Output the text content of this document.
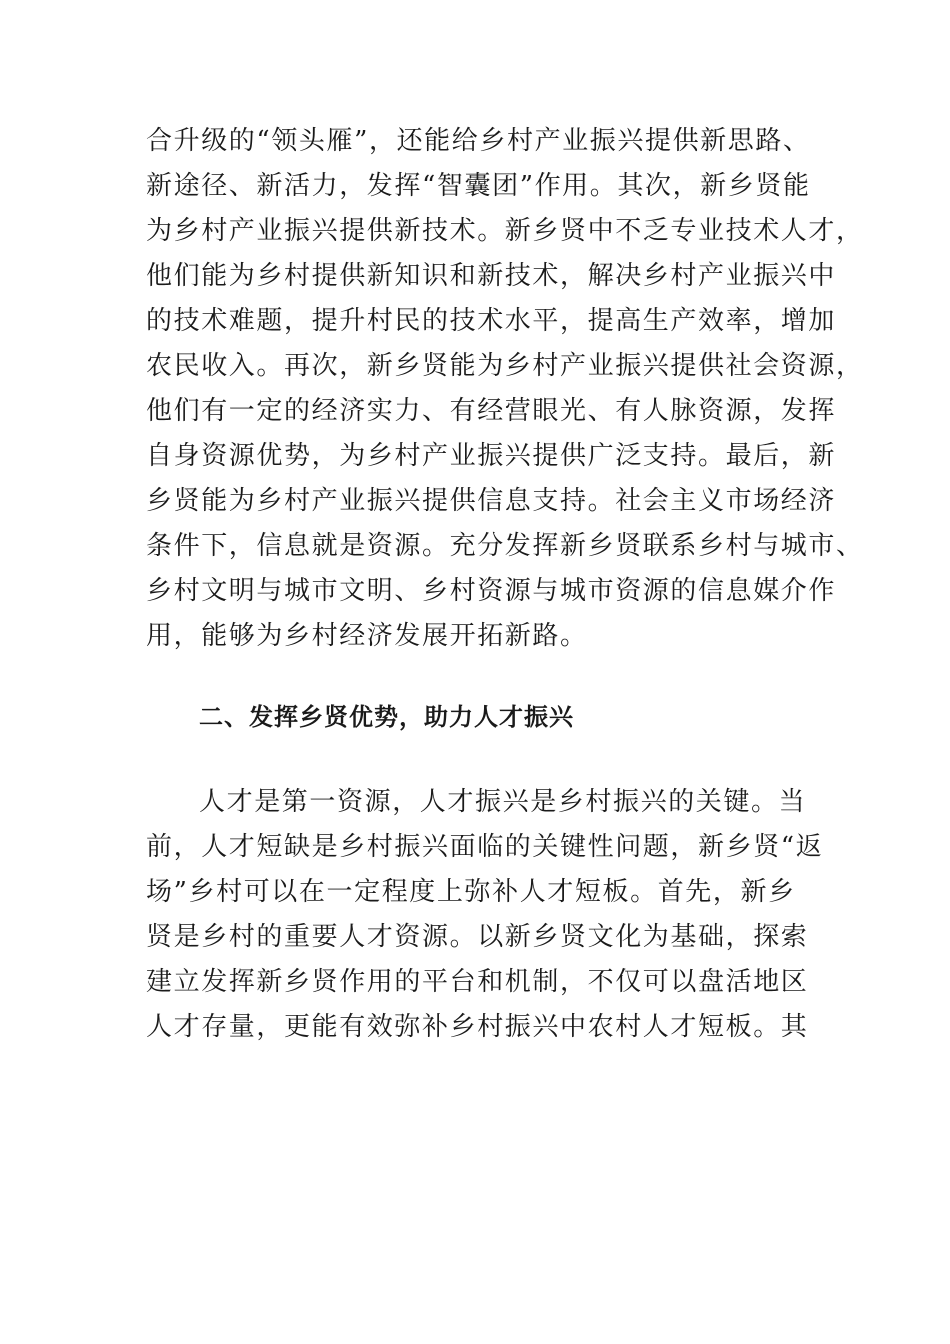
合升级的“领头雁”，还能给乡村产业振兴提供新思路、
新途径、新活力，发挥“智囊团”作用。其次，新乡贤能
为乡村产业振兴提供新技术。新乡贤中不乏专业技术人才，
他们能为乡村提供新知识和新技术，解决乡村产业振兴中
的技术难题，提升村民的技术水平，提高生产效率，增加
农民收入。再次，新乡贤能为乡村产业振兴提供社会资源，
他们有一定的经济实力、有经营眼光、有人脉资源，发挥
自身资源优势，为乡村产业振兴提供广泛支持。最后，新
乡贤能为乡村产业振兴提供信息支持。社会主义市场经济
条件下，信息就是资源。充分发挥新乡贤联系乡村与城市、
乡村文明与城市文明、乡村资源与城市资源的信息媒介作
用，能够为乡村经济发展开拓新路。
二、发挥乡贤优势，助力人才振兴
人才是第一资源，人才振兴是乡村振兴的关键。当
前，人才短缺是乡村振兴面临的关键性问题，新乡贤“返
场”乡村可以在一定程度上弥补人才短板。首先，新乡
贤是乡村的重要人才资源。以新乡贤文化为基础，探索
建立发挥新乡贤作用的平台和机制，不仅可以盘活地区
人才存量，更能有效弥补乡村振兴中农村人才短板。其
